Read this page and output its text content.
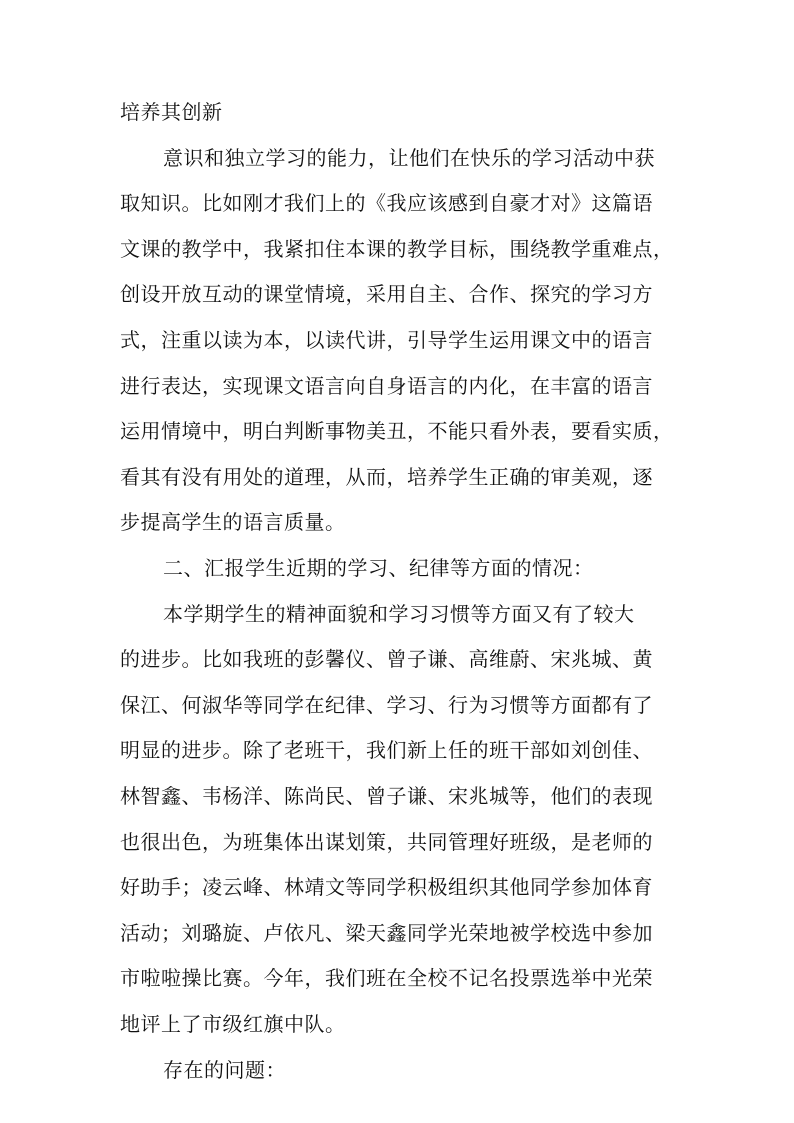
培养其创新
意识和独立学习的能力，让他们在快乐的学习活动中获
取知识。比如刚才我们上的《我应该感到自豪才对》这篇语
文课的教学中，我紧扣住本课的教学目标，围绕教学重难点，
创设开放互动的课堂情境，采用自主、合作、探究的学习方
式，注重以读为本，以读代讲，引导学生运用课文中的语言
进行表达，实现课文语言向自身语言的内化，在丰富的语言
运用情境中，明白判断事物美丑，不能只看外表，要看实质，
看其有没有用处的道理，从而，培养学生正确的审美观，逐
步提高学生的语言质量。
二、汇报学生近期的学习、纪律等方面的情况：
本学期学生的精神面貌和学习习惯等方面又有了较大
的进步。比如我班的彭馨仪、曾子谦、高维蔚、宋兆城、黄
保江、何淑华等同学在纪律、学习、行为习惯等方面都有了
明显的进步。除了老班干，我们新上任的班干部如刘创佳、
林智鑫、韦杨洋、陈尚民、曾子谦、宋兆城等，他们的表现
也很出色，为班集体出谋划策，共同管理好班级，是老师的
好助手；凌云峰、林靖文等同学积极组织其他同学参加体育
活动；刘璐旋、卢依凡、梁天鑫同学光荣地被学校选中参加
市啦啦操比赛。今年，我们班在全校不记名投票选举中光荣
地评上了市级红旗中队。
存在的问题：
